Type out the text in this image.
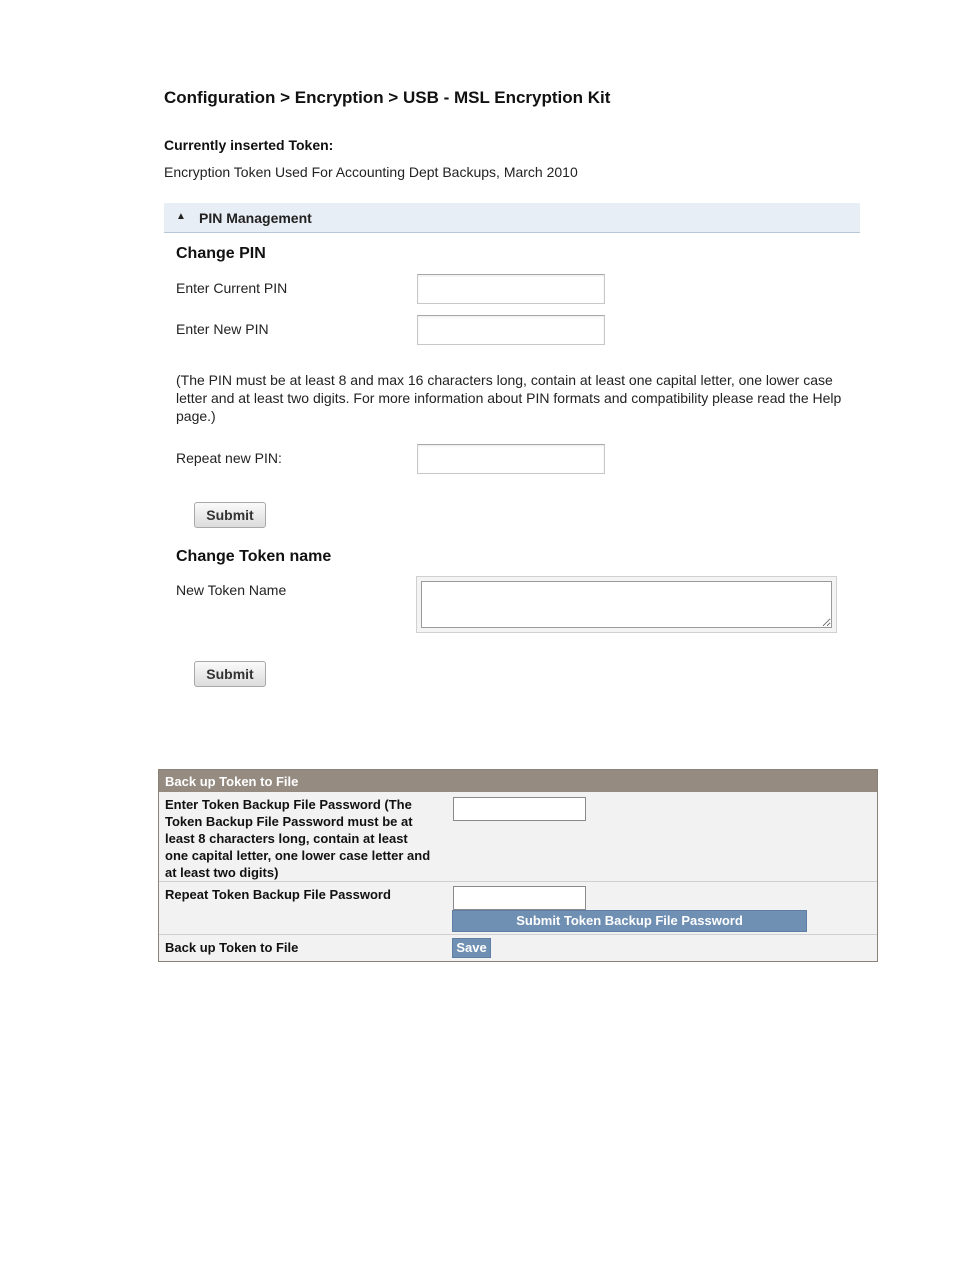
Configuration > Encryption > USB - MSL Encryption Kit
Currently inserted Token:
Encryption Token Used For Accounting Dept Backups, March 2010
▲ PIN Management
Change PIN
Enter Current PIN
Enter New PIN
(The PIN must be at least 8 and max 16 characters long, contain at least one capital letter, one lower case letter and at least two digits. For more information about PIN formats and compatibility please read the Help page.)
Repeat new PIN:
Submit
Change Token name
New Token Name
Submit
Back up Token to File
Enter Token Backup File Password (The Token Backup File Password must be at least 8 characters long, contain at least one capital letter, one lower case letter and at least two digits)
Repeat Token Backup File Password
Submit Token Backup File Password
Back up Token to File	Save
